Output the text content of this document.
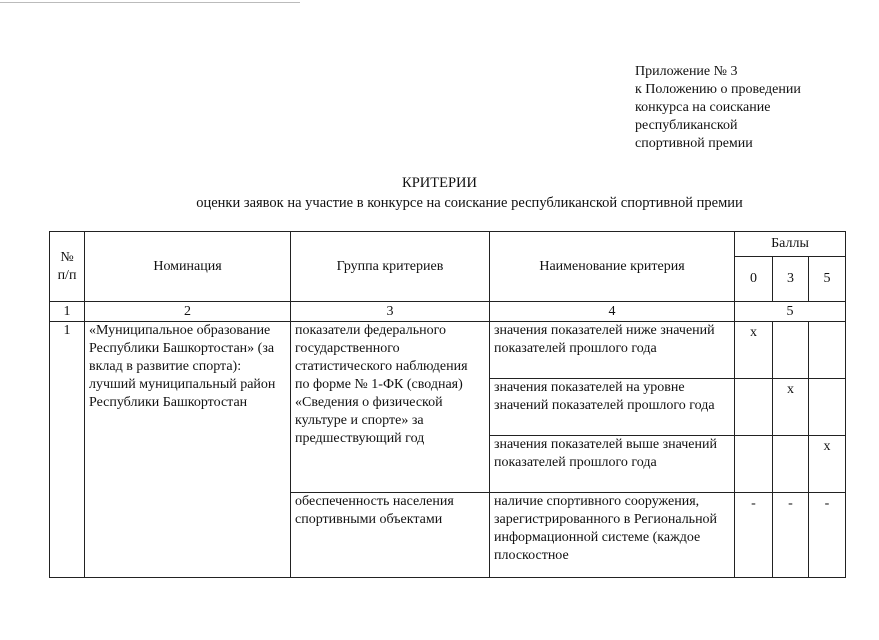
Приложение № 3
к Положению о проведении
конкурса на соискание
республиканской
спортивной премии
КРИТЕРИИ
оценки заявок на участие в конкурсе на соискание республиканской спортивной премии
№ п/п	Номинация	Группа критериев	Наименование критерия	Баллы		
				0	3	5
1	2	3	4	5		
1	«Муниципальное образование Республики Башкортостан» (за вклад в развитие спорта): лучший муниципальный район Республики Башкортостан	показатели федерального государственного статистического наблюдения по форме № 1-ФК (сводная) «Сведения о физической культуре и спорте» за предшествующий год	значения показателей ниже значений показателей прошлого года	x		
			значения показателей на уровне значений показателей прошлого года		x	
			значения показателей выше значений показателей прошлого года			x
		обеспеченность населения спортивными объектами	наличие спортивного сооружения, зарегистрированного в Региональной информационной системе (каждое плоскостное	-	-	-
